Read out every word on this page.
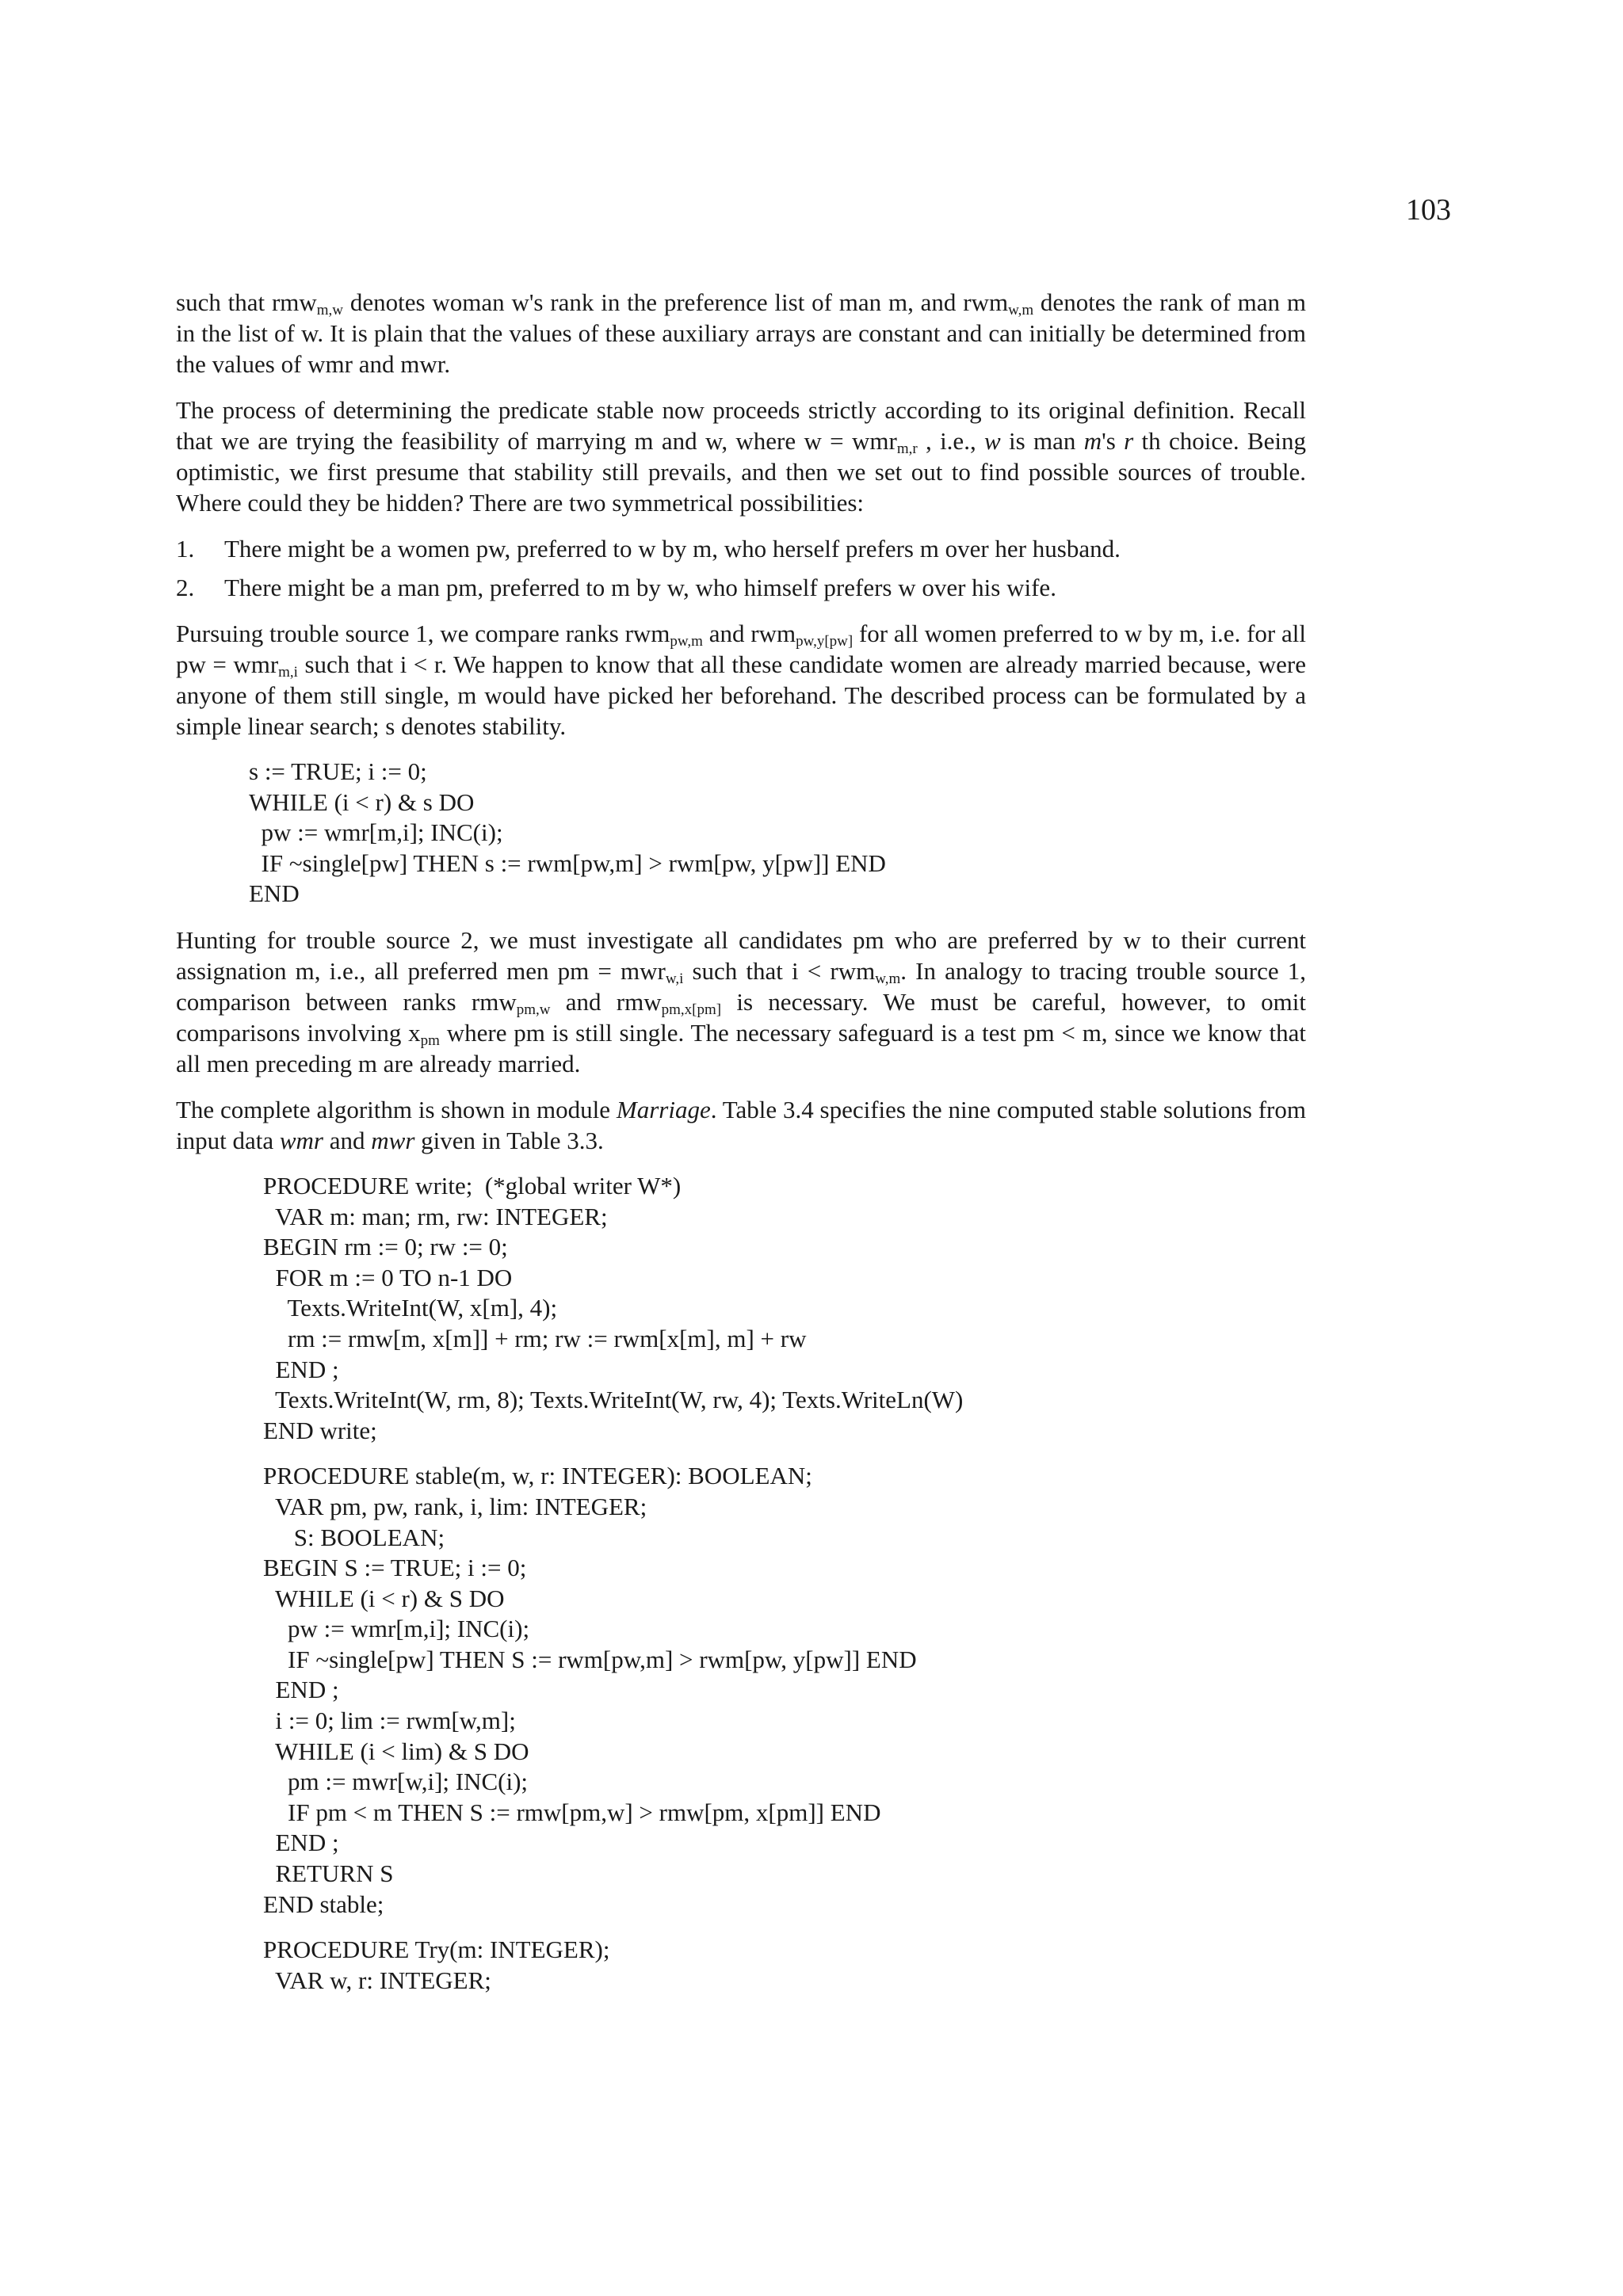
103

such that rmw$_{m,w}$ denotes woman w's rank in the preference list of man m, and rwm$_{w,m}$ denotes the rank of man m in the list of w. It is plain that the values of these auxiliary arrays are constant and can initially be determined from the values of wmr and mwr.

The process of determining the predicate stable now proceeds strictly according to its original definition. Recall that we are trying the feasibility of marrying m and w, where w = wmr$_{m,r}$ , i.e., w is man m's r th choice. Being optimistic, we first presume that stability still prevails, and then we set out to find possible sources of trouble. Where could they be hidden? There are two symmetrical possibilities:

1.	There might be a women pw, preferred to w by m, who herself prefers m over her husband.
2.	There might be a man pm, preferred to m by w, who himself prefers w over his wife.

Pursuing trouble source 1, we compare ranks rwm$_{pw,m}$ and rwm$_{pw,y[pw]}$ for all women preferred to w by m, i.e. for all pw = wmr$_{m,i}$ such that i < r. We happen to know that all these candidate women are already married because, were anyone of them still single, m would have picked her beforehand. The described process can be formulated by a simple linear search; s denotes stability.

s := TRUE; i := 0;
WHILE (i < r) & s DO
pw := wmr[m,i]; INC(i);
IF ~single[pw] THEN s := rwm[pw,m] > rwm[pw, y[pw]] END
END

Hunting for trouble source 2, we must investigate all candidates pm who are preferred by w to their current assignation m, i.e., all preferred men pm = mwr$_{w,i}$ such that i < rwm$_{w,m}$. In analogy to tracing trouble source 1, comparison between ranks rmw$_{pm,w}$ and rmw$_{pm,x[pm]}$ is necessary. We must be careful, however, to omit comparisons involving $x_{pm}$ where pm is still single. The necessary safeguard is a test pm < m, since we know that all men preceding m are already married.

The complete algorithm is shown in module Marriage. Table 3.4 specifies the nine computed stable solutions from input data wmr and mwr given in Table 3.3.

PROCEDURE write;  (*global writer W*)
VAR m: man; rm, rw: INTEGER;
BEGIN rm := 0; rw := 0;
FOR m := 0 TO n-1 DO
Texts.WriteInt(W, x[m], 4);
rm := rmw[m, x[m]] + rm; rw := rwm[x[m], m] + rw
END ;
Texts.WriteInt(W, rm, 8); Texts.WriteInt(W, rw, 4); Texts.WriteLn(W)
END write;
PROCEDURE stable(m, w, r: INTEGER): BOOLEAN;
VAR pm, pw, rank, i, lim: INTEGER;
S: BOOLEAN;
BEGIN S := TRUE; i := 0;
WHILE (i < r) & S DO
pw := wmr[m,i]; INC(i);
IF ~single[pw] THEN S := rwm[pw,m] > rwm[pw, y[pw]] END
END ;
i := 0; lim := rwm[w,m];
WHILE (i < lim) & S DO
pm := mwr[w,i]; INC(i);
IF pm < m THEN S := rmw[pm,w] > rmw[pm, x[pm]] END
END ;
RETURN S
END stable;
PROCEDURE Try(m: INTEGER);
VAR w, r: INTEGER;
